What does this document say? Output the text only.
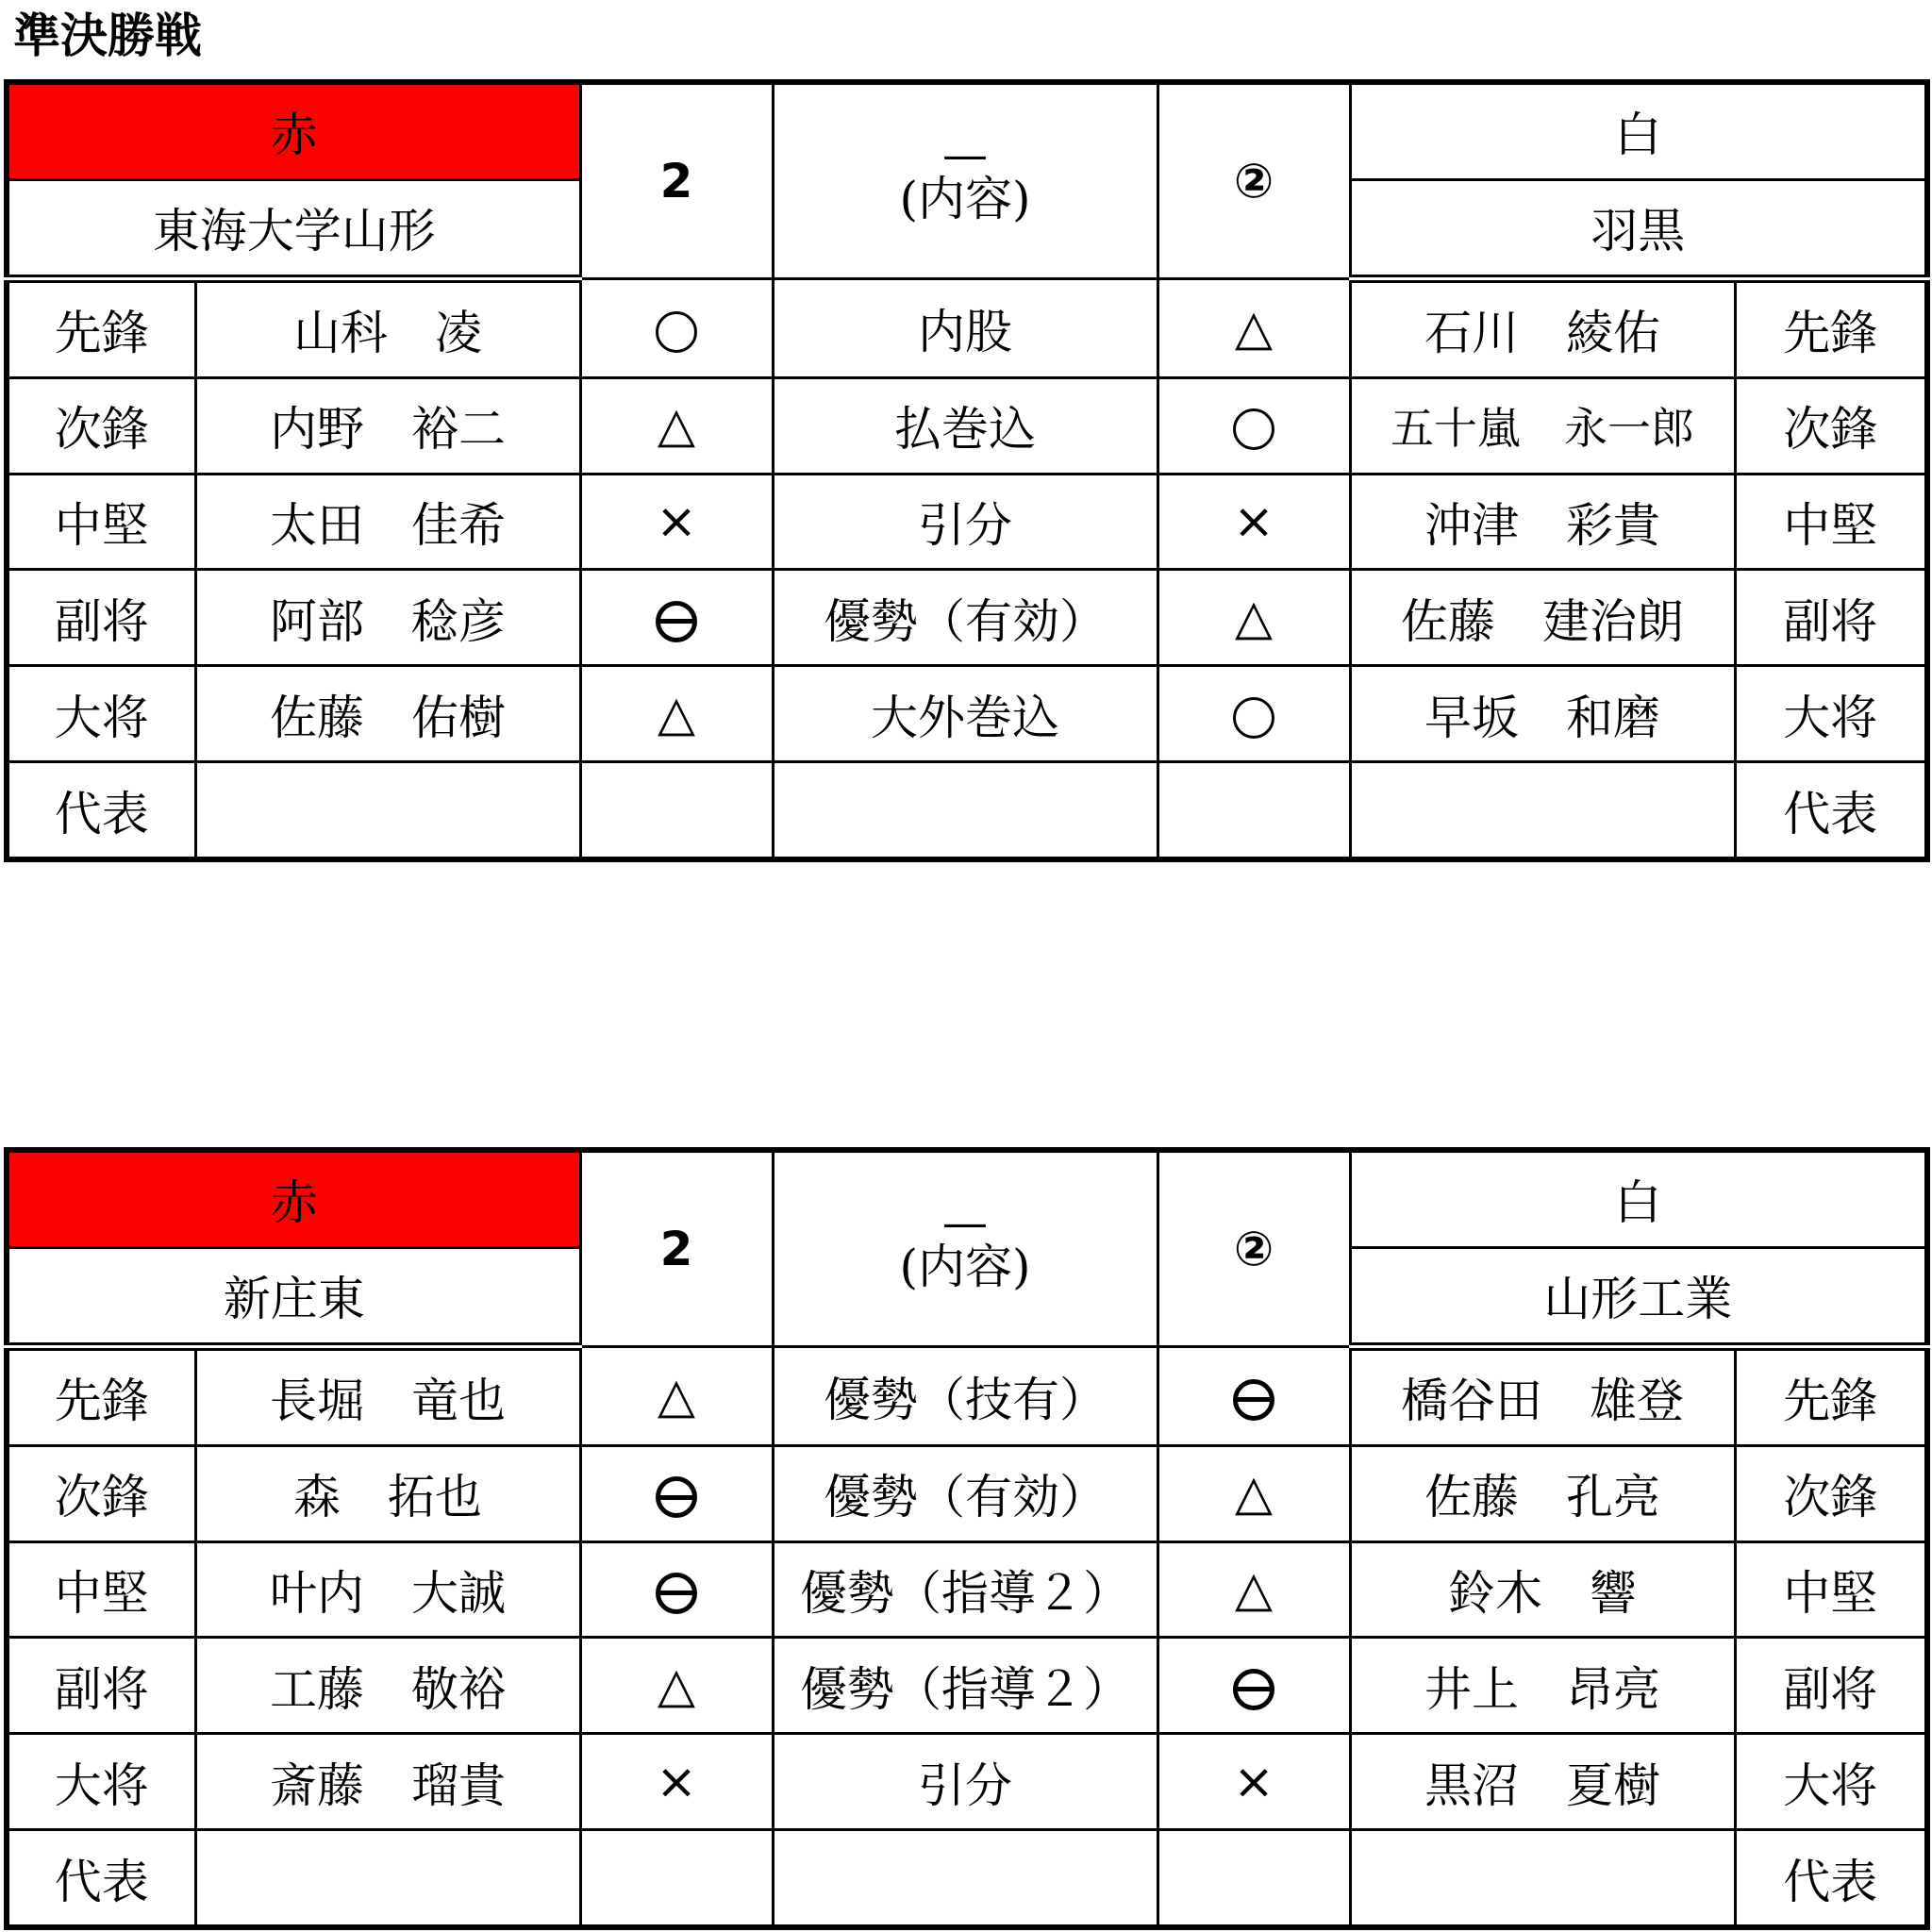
準決勝戦
赤		2	—
(内容)	②	白	
東海大学山形					羽黒	
先鋒	山科　凌		内股	△	石川　綾佑	先鋒
次鋒	内野　裕二	△	払巻込		五十嵐　永一郎	次鋒
中堅	太田　佳希	×	引分	×	沖津　彩貴	中堅
副将	阿部　稔彦		優勢（有効）	△	佐藤　建治朗	副将
大将	佐藤　佑樹	△	大外巻込		早坂　和磨	大将
代表						代表
赤		2	—
(内容)	②	白	
新庄東					山形工業	
先鋒	長堀　竜也	△	優勢（技有）		橋谷田　雄登	先鋒
次鋒	森　拓也		優勢（有効）	△	佐藤　孔亮	次鋒
中堅	叶内　大誠		優勢（指導２）	△	鈴木　響	中堅
副将	工藤　敬裕	△	優勢（指導２）		井上　昂亮	副将
大将	斎藤　瑠貴	×	引分	×	黒沼　夏樹	大将
代表						代表
